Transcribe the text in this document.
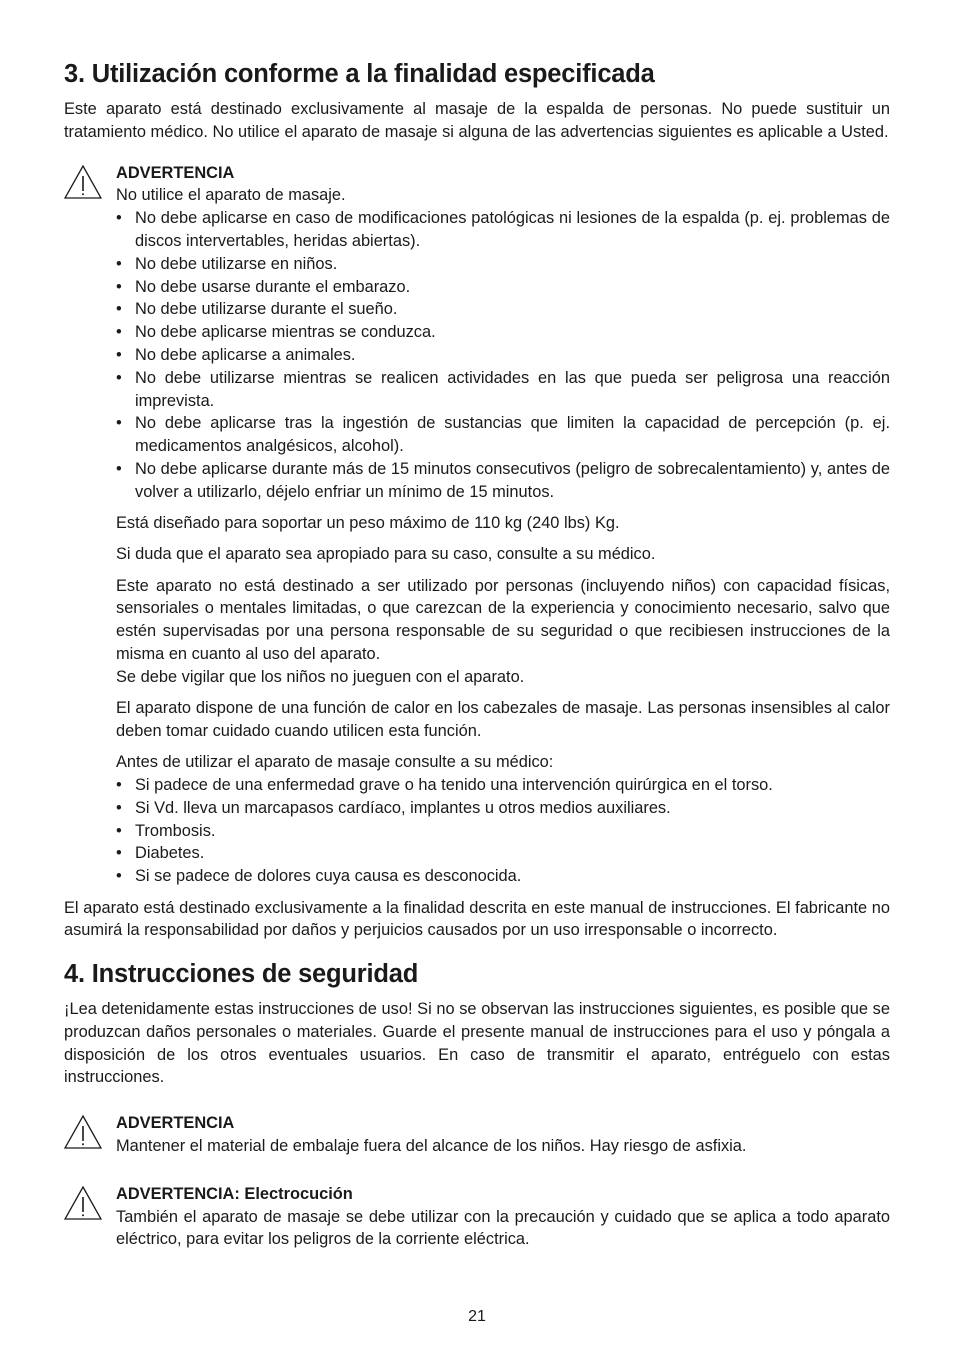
3. Utilización conforme a la finalidad especificada

Este aparato está destinado exclusivamente al masaje de la espalda de personas. No puede sustituir un tratamiento médico. No utilice el aparato de masaje si alguna de las advertencias siguientes es aplicable a Usted.

ADVERTENCIA

No utilice el aparato de masaje.

• No debe aplicarse en caso de modificaciones patológicas ni lesiones de la espalda (p. ej. problemas de discos intervertables, heridas abiertas).
• No debe utilizarse en niños.
• No debe usarse durante el embarazo.
• No debe utilizarse durante el sueño.
• No debe aplicarse mientras se conduzca.
• No debe aplicarse a animales.
• No debe utilizarse mientras se realicen actividades en las que pueda ser peligrosa una reacción imprevista.
• No debe aplicarse tras la ingestión de sustancias que limiten la capacidad de percepción (p. ej. medicamentos analgésicos, alcohol).
• No debe aplicarse durante más de 15 minutos consecutivos (peligro de sobrecalentamiento) y, antes de volver a utilizarlo, déjelo enfriar un mínimo de 15 minutos.

Está diseñado para soportar un peso máximo de 110 kg (240 lbs) Kg.

Si duda que el aparato sea apropiado para su caso, consulte a su médico.

Este aparato no está destinado a ser utilizado por personas (incluyendo niños) con capacidad físicas, sensoriales o mentales limitadas, o que carezcan de la experiencia y conocimiento necesario, salvo que estén supervisadas por una persona responsable de su seguridad o que recibiesen instrucciones de la misma en cuanto al uso del aparato.

Se debe vigilar que los niños no jueguen con el aparato.

El aparato dispone de una función de calor en los cabezales de masaje. Las personas insensibles al calor deben tomar cuidado cuando utilicen esta función.

Antes de utilizar el aparato de masaje consulte a su médico:

• Si padece de una enfermedad grave o ha tenido una intervención quirúrgica en el torso.
• Si Vd. lleva un marcapasos cardíaco, implantes u otros medios auxiliares.
• Trombosis.
• Diabetes.
• Si se padece de dolores cuya causa es desconocida.

El aparato está destinado exclusivamente a la finalidad descrita en este manual de instrucciones. El fabricante no asumirá la responsabilidad por daños y perjuicios causados por un uso irresponsable o incorrecto.

4. Instrucciones de seguridad

¡Lea detenidamente estas instrucciones de uso! Si no se observan las instrucciones siguientes, es posible que se produzcan daños personales o materiales. Guarde el presente manual de instrucciones para el uso y póngala a disposición de los otros eventuales usuarios. En caso de transmitir el aparato, entréguelo con estas instrucciones.

ADVERTENCIA

Mantener el material de embalaje fuera del alcance de los niños. Hay riesgo de asfixia.

ADVERTENCIA: Electrocución

También el aparato de masaje se debe utilizar con la precaución y cuidado que se aplica a todo aparato eléctrico, para evitar los peligros de la corriente eléctrica.

21
